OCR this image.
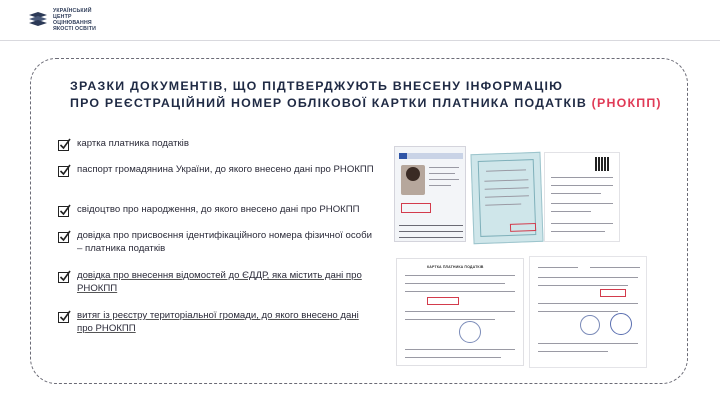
УКРАЇНСЬКИЙ
ЦЕНТР
ОЦІНЮВАННЯ
ЯКОСТІ ОСВІТИ
ЗРАЗКИ ДОКУМЕНТІВ, ЩО ПІДТВЕРДЖУЮТЬ ВНЕСЕНУ ІНФОРМАЦІЮ
ПРО РЕЄСТРАЦІЙНИЙ НОМЕР ОБЛІКОВОЇ КАРТКИ ПЛАТНИКА ПОДАТКІВ (РНОКПП)
картка платника податків
паспорт громадянина України, до якого внесено дані про РНОКПП
свідоцтво про народження, до якого внесено дані про РНОКПП
довідка про присвоєння ідентифікаційного номера фізичної особи – платника податків
довідка про внесення відомостей до ЄДДР, яка містить дані про РНОКПП
витяг із реєстру територіальної громади, до якого внесено дані про РНОКПП
КАРТКА ПЛАТНИКА ПОДАТКІВ
